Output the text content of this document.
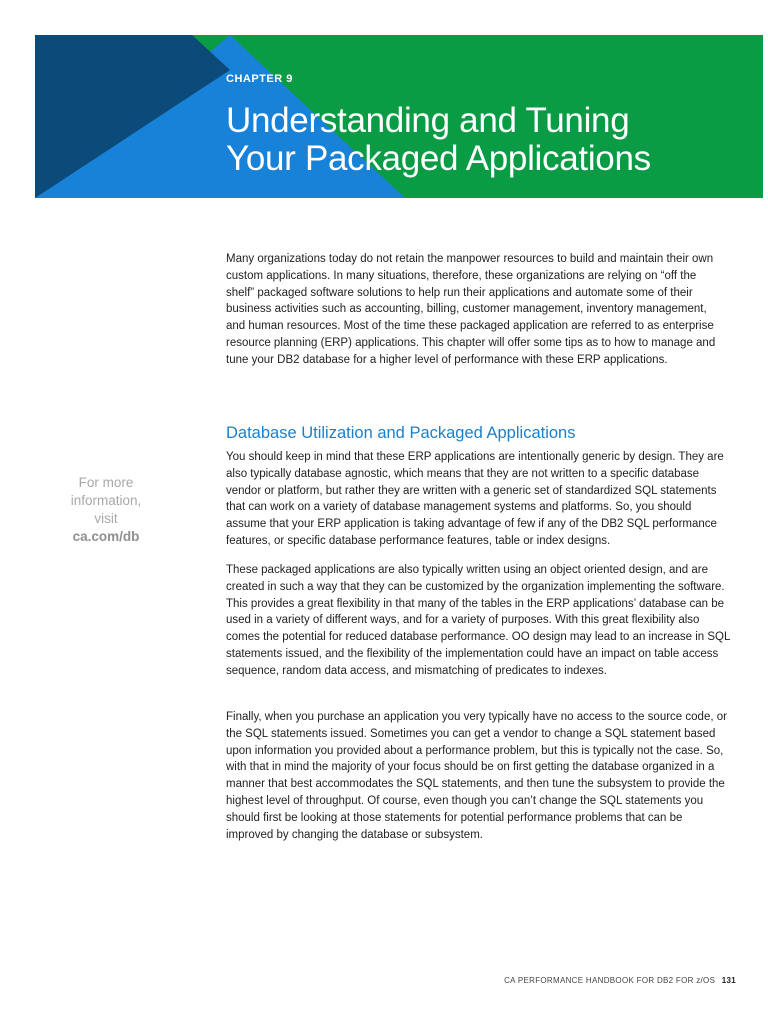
CHAPTER 9
Understanding and Tuning
Your Packaged Applications
For more
information,
visit
ca.com/db

Many organizations today do not retain the manpower resources to build and maintain their own custom applications. In many situations, therefore, these organizations are relying on “off the shelf” packaged software solutions to help run their applications and automate some of their business activities such as accounting, billing, customer management, inventory management, and human resources. Most of the time these packaged application are referred to as enterprise resource planning (ERP) applications. This chapter will offer some tips as to how to manage and tune your DB2 database for a higher level of performance with these ERP applications.

Database Utilization and Packaged Applications

You should keep in mind that these ERP applications are intentionally generic by design. They are also typically database agnostic, which means that they are not written to a specific database vendor or platform, but rather they are written with a generic set of standardized SQL statements that can work on a variety of database management systems and platforms. So, you should assume that your ERP application is taking advantage of few if any of the DB2 SQL performance features, or specific database performance features, table or index designs.

These packaged applications are also typically written using an object oriented design, and are created in such a way that they can be customized by the organization implementing the software. This provides a great flexibility in that many of the tables in the ERP applications’ database can be used in a variety of different ways, and for a variety of purposes. With this great flexibility also comes the potential for reduced database performance. OO design may lead to an increase in SQL statements issued, and the flexibility of the implementation could have an impact on table access sequence, random data access, and mismatching of predicates to indexes.

Finally, when you purchase an application you very typically have no access to the source code, or the SQL statements issued. Sometimes you can get a vendor to change a SQL statement based upon information you provided about a performance problem, but this is typically not the case. So, with that in mind the majority of your focus should be on first getting the database organized in a manner that best accommodates the SQL statements, and then tune the subsystem to provide the highest level of throughput. Of course, even though you can’t change the SQL statements you should first be looking at those statements for potential performance problems that can be improved by changing the database or subsystem.

CA PERFORMANCE HANDBOOK FOR DB2 FOR z/OS 131
